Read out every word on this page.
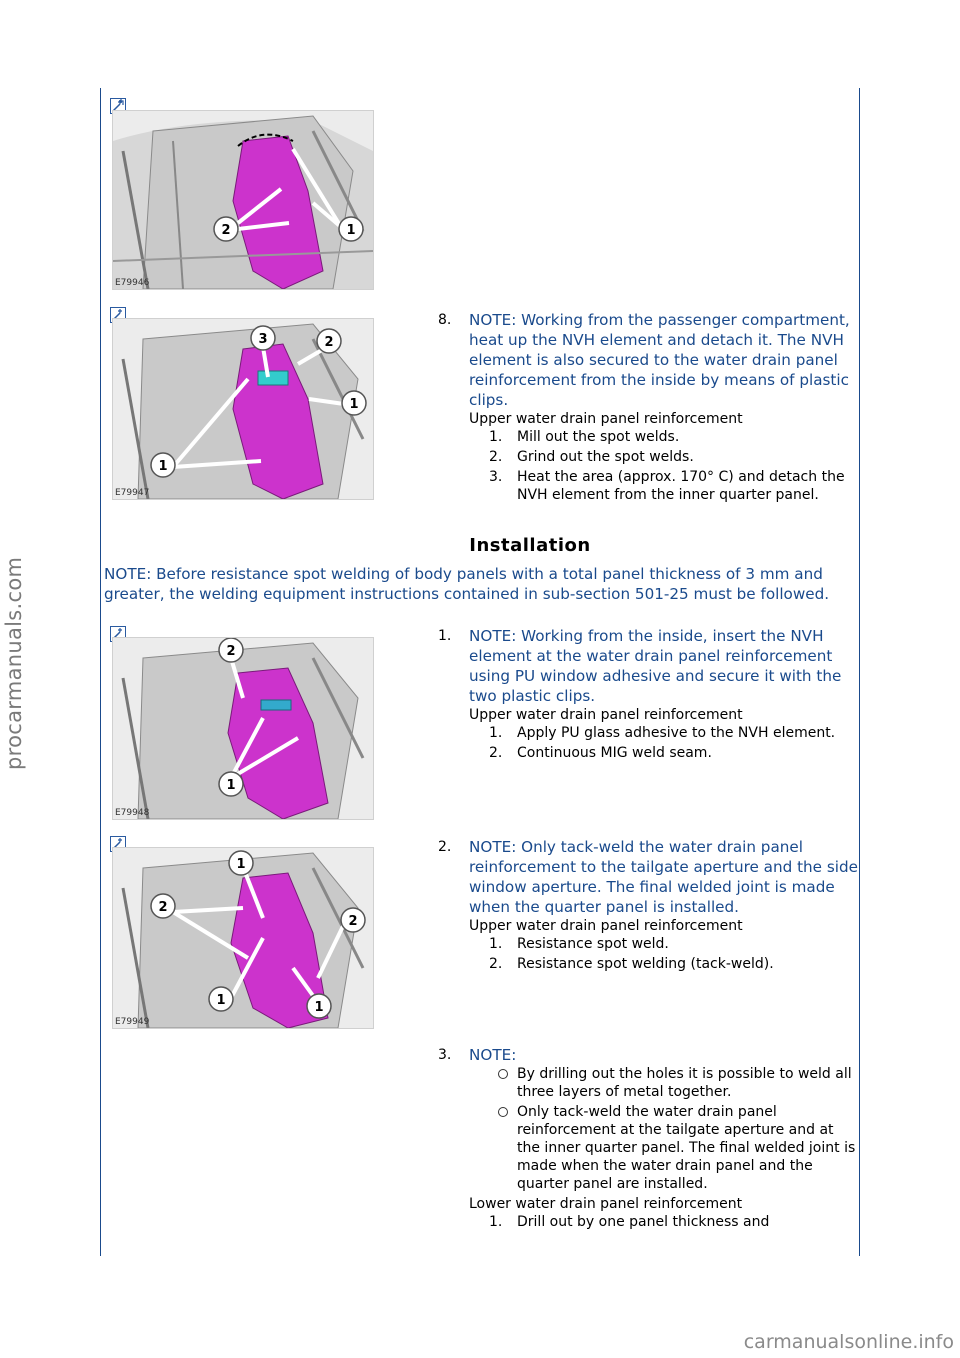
procarmanuals.com
2	1
E79946
3	2
1
1
E79947
8. NOTE: Working from the passenger compartment, heat up the NVH element and detach it. The NVH element is also secured to the water drain panel reinforcement from the inside by means of plastic clips.

Upper water drain panel reinforcement

1. Mill out the spot welds.
2. Grind out the spot welds.
3. Heat the area (approx. 170° C) and detach the NVH element from the inner quarter panel.
Installation

NOTE: Before resistance spot welding of body panels with a total panel thickness of 3 mm and greater, the welding equipment instructions contained in sub-section 501-25 must be followed.

2
1
E79948
1. NOTE: Working from the inside, insert the NVH element at the water drain panel reinforcement using PU window adhesive and secure it with the two plastic clips.

Upper water drain panel reinforcement

1. Apply PU glass adhesive to the NVH element.
2. Continuous MIG weld seam.
1
2
2
1	1
E79949
2. NOTE: Only tack-weld the water drain panel reinforcement to the tailgate aperture and the side window aperture. The final welded joint is made when the quarter panel is installed.

Upper water drain panel reinforcement

1. Resistance spot weld.
2. Resistance spot welding (tack-weld).
3. NOTE:

By drilling out the holes it is possible to weld all three layers of metal together.
Only tack-weld the water drain panel reinforcement at the tailgate aperture and at the inner quarter panel. The final welded joint is made when the water drain panel and the quarter panel are installed.

Lower water drain panel reinforcement

1. Drill out by one panel thickness and
carmanualsonline.info
